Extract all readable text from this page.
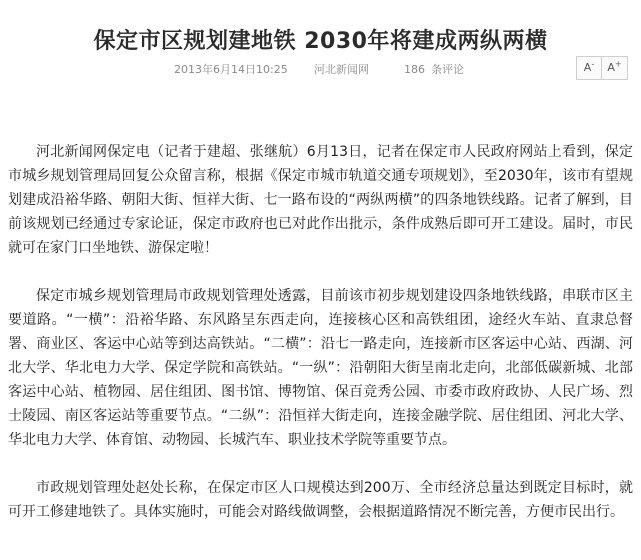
保定市区规划建地铁 2030年将建成两纵两横
2013年6月14日10:25 河北新闻网	186 条评论	A-	A+

河北新闻网保定电（记者于建超、张继航）6月13日，记者在保定市人民政府网站上看到，保定市城乡规划管理局回复公众留言称，根据《保定市城市轨道交通专项规划》，至2030年，该市有望规划建成沿裕华路、朝阳大街、恒祥大街、七一路布设的“两纵两横”的四条地铁线路。记者了解到，目前该规划已经通过专家论证，保定市政府也已对此作出批示，条件成熟后即可开工建设。届时，市民就可在家门口坐地铁、游保定啦！

保定市城乡规划管理局市政规划管理处透露，目前该市初步规划建设四条地铁线路，串联市区主要道路。“一横”：沿裕华路、东风路呈东西走向，连接核心区和高铁组团，途经火车站、直隶总督署、商业区、客运中心站等到达高铁站。“二横”：沿七一路走向，连接新市区客运中心站、西湖、河北大学、华北电力大学、保定学院和高铁站。“一纵”：沿朝阳大街呈南北走向，北部低碳新城、北部客运中心站、植物园、居住组团、图书馆、博物馆、保百竞秀公园、市委市政府政协、人民广场、烈士陵园、南区客运站等重要节点。“二纵”：沿恒祥大街走向，连接金融学院、居住组团、河北大学、华北电力大学、体育馆、动物园、长城汽车、职业技术学院等重要节点。

市政规划管理处赵处长称，在保定市区人口规模达到200万、全市经济总量达到既定目标时，就可开工修建地铁了。具体实施时，可能会对路线做调整，会根据道路情况不断完善，方便市民出行。
